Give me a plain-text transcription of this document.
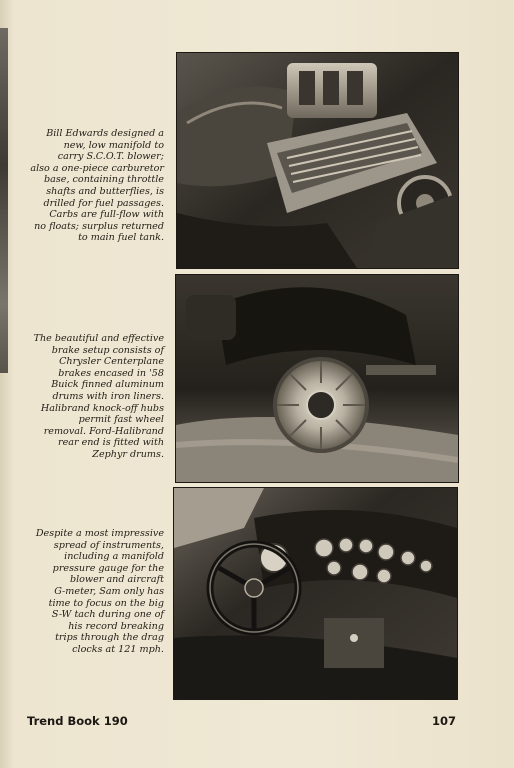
Bill Edwards designed a
new, low manifold to
carry S.C.O.T. blower;
also a one-piece carburetor
base, containing throttle
shafts and butterflies, is
drilled for fuel passages.
Carbs are full-flow with
no floats; surplus returned
to main fuel tank.
The beautiful and effective
brake setup consists of
Chrysler Centerplane
brakes encased in '58
Buick finned aluminum
drums with iron liners.
Halibrand knock-off hubs
permit fast wheel
removal. Ford-Halibrand
rear end is fitted with
Zephyr drums.
Despite a most impressive
spread of instruments,
including a manifold
pressure gauge for the
blower and aircraft
G-meter, Sam only has
time to focus on the big
S-W tach during one of
his record breaking
trips through the drag
clocks at 121 mph.
Trend Book 190	107
